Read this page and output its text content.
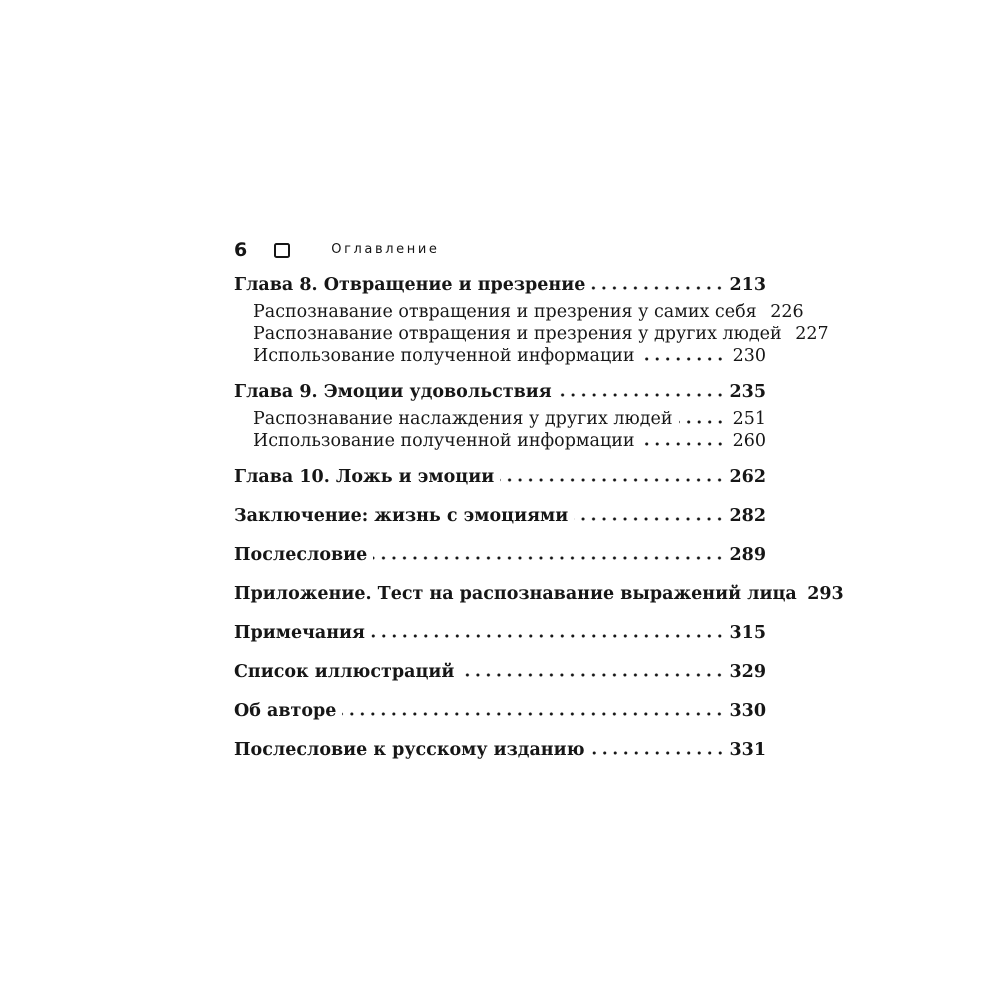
6	Оглавление
Глава 8. Отвращение и презрение	213
Распознавание отвращения и презрения у самих себя 226
Распознавание отвращения и презрения у других людей 227
Использование полученной информации	230
Глава 9. Эмоции удовольствия	235
Распознавание наслаждения у других людей	251
Использование полученной информации	260
Глава 10. Ложь и эмоции	262
Заключение: жизнь с эмоциями	282
Послесловие	289
Приложение. Тест на распознавание выражений лица 293
Примечания	315
Список иллюстраций	329
Об авторе	330
Послесловие к русскому изданию	331
